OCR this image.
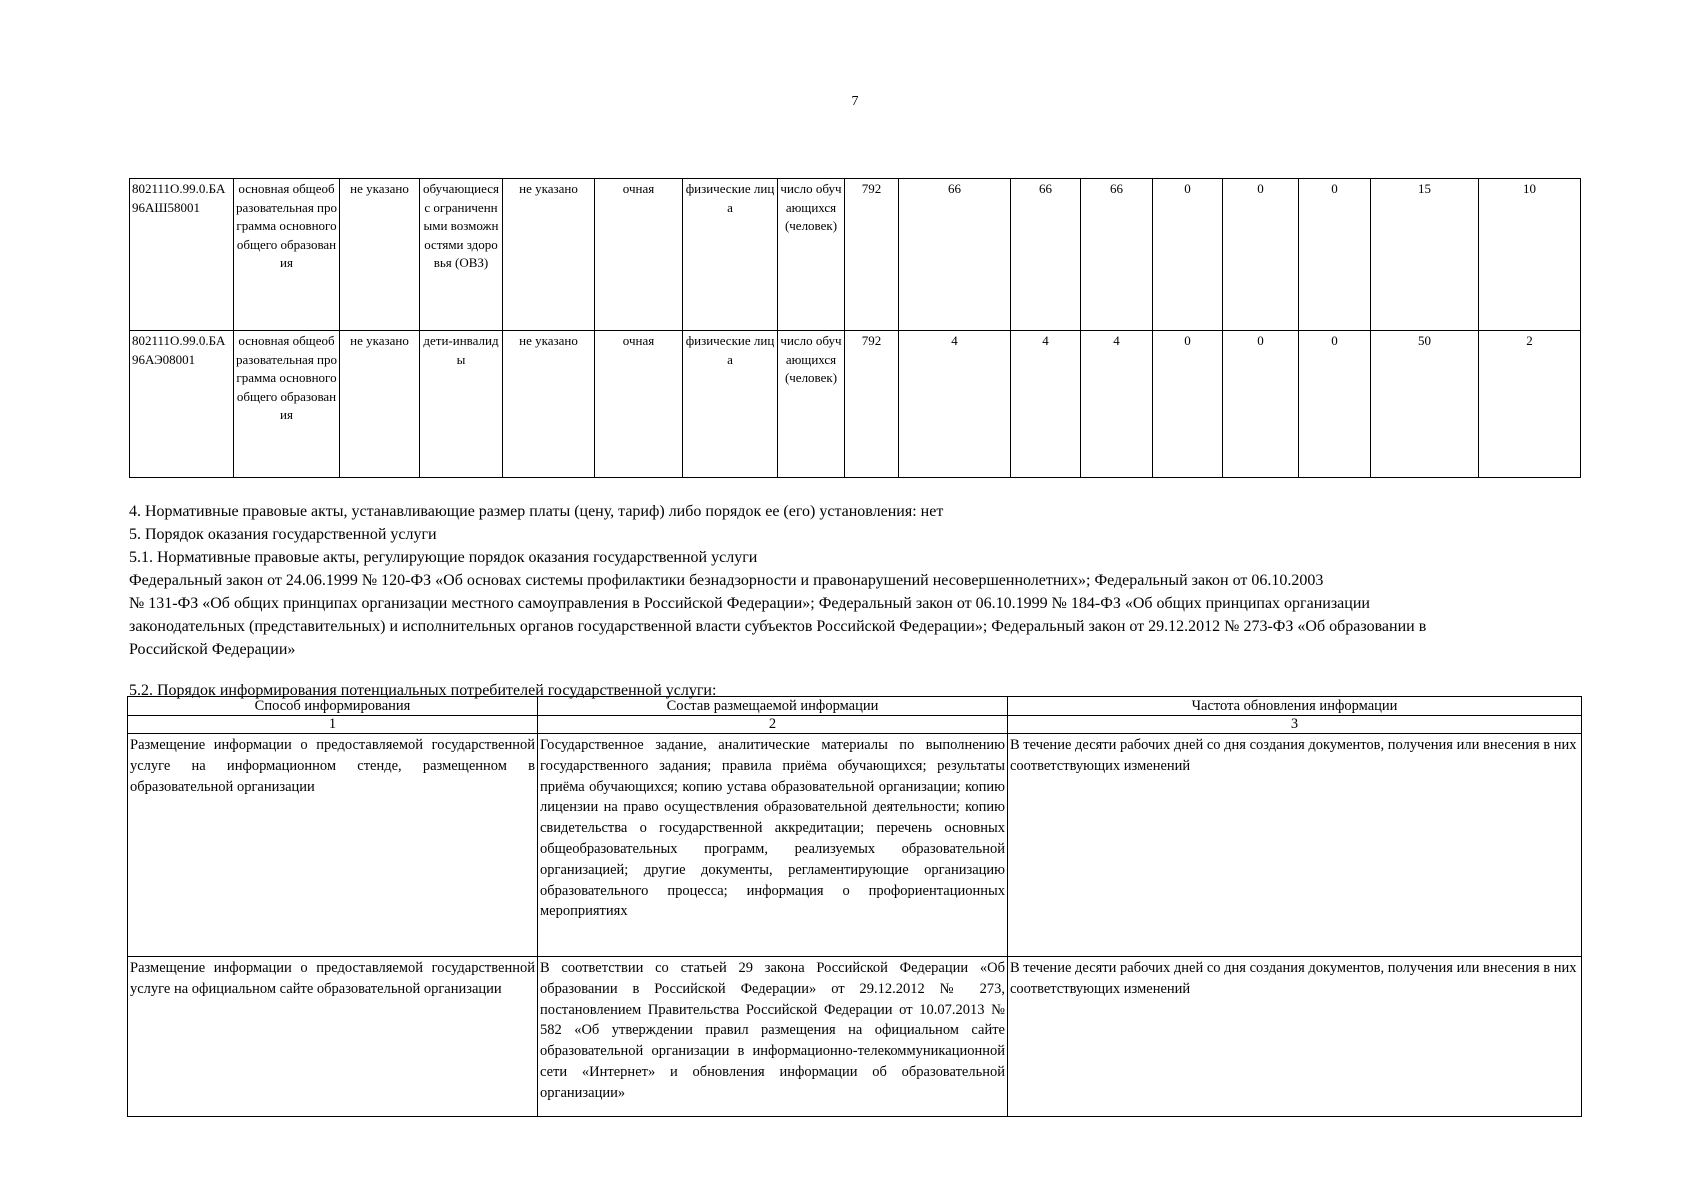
7
802111О.99.0.БА96АШ58001	основная общеобразовательная программа основного общего образования	не указано	обучающиеся с ограниченными возможностями здоровья (ОВЗ)	не указано	очная	физические лица	число обучающихся (человек)	792	66	66	66	0	0	0	15	10
802111О.99.0.БА96АЭ08001	основная общеобразовательная программа основного общего образования	не указано	дети-инвалиды	не указано	очная	физические лица	число обучающихся (человек)	792	4	4	4	0	0	0	50	2

4. Нормативные правовые акты, устанавливающие размер платы (цену, тариф) либо порядок ее (его) установления: нет

5. Порядок оказания государственной услуги

5.1. Нормативные правовые акты, регулирующие порядок оказания государственной услуги

Федеральный закон от 24.06.1999 № 120-ФЗ «Об основах системы профилактики безнадзорности и правонарушений несовершеннолетних»; Федеральный закон от 06.10.2003

№ 131-ФЗ «Об общих принципах организации местного самоуправления в Российской Федерации»; Федеральный закон от 06.10.1999 № 184-ФЗ «Об общих принципах организации

законодательных (представительных) и исполнительных органов государственной власти субъектов Российской Федерации»; Федеральный закон от 29.12.2012 № 273-ФЗ «Об образовании в

Российской Федерации»

5.2. Порядок информирования потенциальных потребителей государственной услуги:

Способ информирования	Состав размещаемой информации	Частота обновления информации
1	2	3
Размещение информации о предоставляемой государственной услуге на информационном стенде, размещенном в образовательной организации	Государственное задание, аналитические материалы по выполнению государственного задания; правила приёма обучающихся; результаты приёма обучающихся; копию устава образовательной организации; копию лицензии на право осуществления образовательной деятельности; копию свидетельства о государственной аккредитации; перечень основных общеобразовательных программ, реализуемых образовательной организацией; другие документы, регламентирующие организацию образовательного процесса; информация о профориентационных мероприятиях	В течение десяти рабочих дней со дня создания документов, получения или внесения в них соответствующих изменений
Размещение информации о предоставляемой государственной услуге на официальном сайте образовательной организации	В соответствии со статьей 29 закона Российской Федерации «Об образовании в Российской Федерации» от 29.12.2012 № 273, постановлением Правительства Российской Федерации от 10.07.2013 № 582 «Об утверждении правил размещения на официальном сайте образовательной организации в информационно-телекоммуникационной сети «Интернет» и обновления информации об образовательной организации»	В течение десяти рабочих дней со дня создания документов, получения или внесения в них соответствующих изменений
